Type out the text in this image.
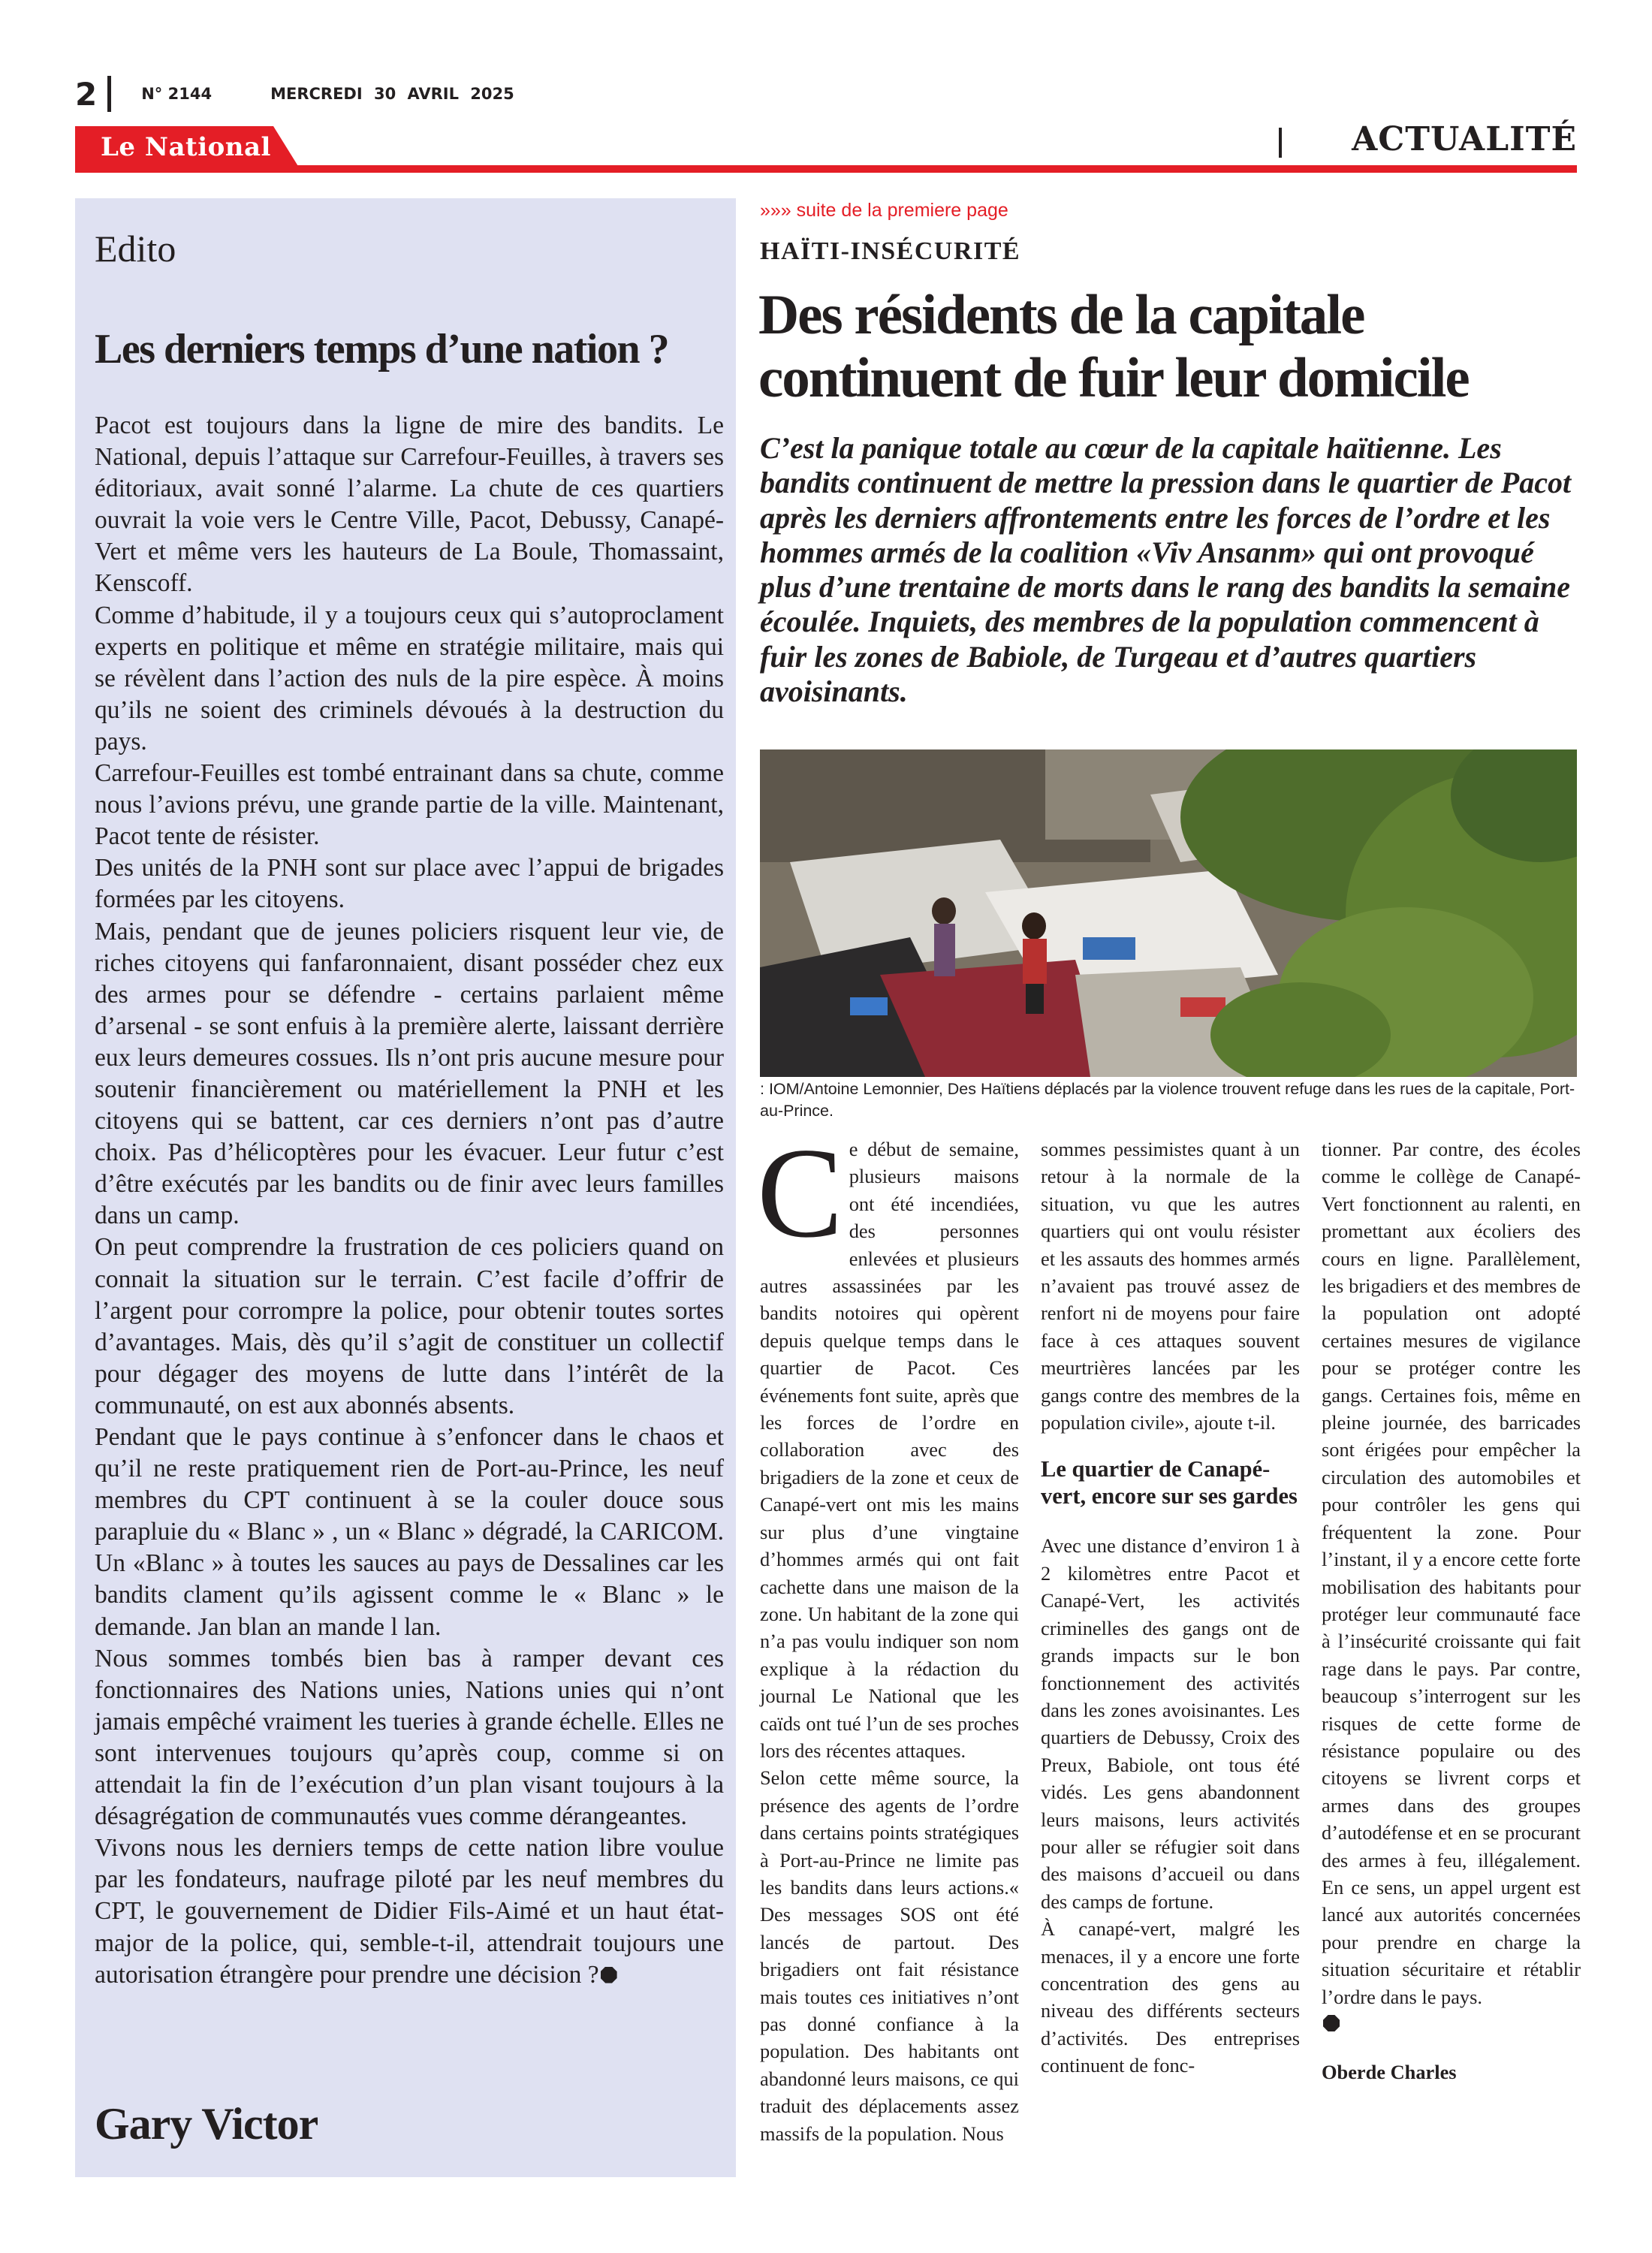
2	N° 2144	MERCREDI 30 AVRIL 2025
Le National	ACTUALITÉ
Edito
Les derniers temps d’une nation ?

Pacot est toujours dans la ligne de mire des bandits. Le National, depuis l’attaque sur Carrefour-Feuilles, à travers ses éditoriaux, avait sonné l’alarme. La chute de ces quartiers ouvrait la voie vers le Centre Ville, Pacot, Debussy, Canapé-Vert et même vers les hauteurs de La Boule, Thomassaint, Kenscoff.

Comme d’habitude, il y a toujours ceux qui s’autoproclament experts en politique et même en stratégie militaire, mais qui se révèlent dans l’action des nuls de la pire espèce. À moins qu’ils ne soient des criminels dévoués à la destruction du pays.

Carrefour-Feuilles est tombé entrainant dans sa chute, comme nous l’avions prévu, une grande partie de la ville. Maintenant, Pacot tente de résister.

Des unités de la PNH sont sur place avec l’appui de brigades formées par les citoyens.

Mais, pendant que de jeunes policiers risquent leur vie, de riches citoyens qui fanfaronnaient, disant posséder chez eux des armes pour se défendre - certains parlaient même d’arsenal - se sont enfuis à la première alerte, laissant derrière eux leurs demeures cossues. Ils n’ont pris aucune mesure pour soutenir financièrement ou matériellement la PNH et les citoyens qui se battent, car ces derniers n’ont pas d’autre choix. Pas d’hélicoptères pour les évacuer. Leur futur c’est d’être exécutés par les bandits ou de finir avec leurs familles dans un camp.

On peut comprendre la frustration de ces policiers quand on connait la situation sur le terrain. C’est facile d’offrir de l’argent pour corrompre la police, pour obtenir toutes sortes d’avantages. Mais, dès qu’il s’agit de constituer un collectif pour dégager des moyens de lutte dans l’intérêt de la communauté, on est aux abonnés absents.

Pendant que le pays continue à s’enfoncer dans le chaos et qu’il ne reste pratiquement rien de Port-au-Prince, les neuf membres du CPT continuent à se la couler douce sous parapluie du « Blanc » , un « Blanc » dégradé, la CARICOM. Un «Blanc » à toutes les sauces au pays de Dessalines car les bandits clament qu’ils agissent comme le « Blanc » le demande. Jan blan an mande l lan.

Nous sommes tombés bien bas à ramper devant ces fonctionnaires des Nations unies, Nations unies qui n’ont jamais empêché vraiment les tueries à grande échelle. Elles ne sont intervenues toujours qu’après coup, comme si on attendait la fin de l’exécution d’un plan visant toujours à la désagrégation de communautés vues comme dérangeantes.

Vivons nous les derniers temps de cette nation libre voulue par les fondateurs, naufrage piloté par les neuf membres du CPT, le gouvernement de Didier Fils-Aimé et un haut état-major de la police, qui, semble-t-il, attendrait toujours une autorisation étrangère pour prendre une décision ?

Gary Victor
»»» suite de la premiere page
HAÏTI-INSÉCURITÉ
Des résidents de la capitale continuent de fuir leur domicile
C’est la panique totale au cœur de la capitale haïtienne. Les bandits continuent de mettre la pression dans le quartier de Pacot après les derniers affrontements entre les forces de l’ordre et les hommes armés de la coalition «Viv Ansanm» qui ont provoqué plus d’une trentaine de morts dans le rang des bandits la semaine écoulée. Inquiets, des membres de la population commencent à fuir les zones de Babiole, de Turgeau et d’autres quartiers avoisinants.
: IOM/Antoine Lemonnier, Des Haïtiens déplacés par la violence trouvent refuge dans les rues de la capitale, Port-au-Prince.

Ce début de semaine, plusieurs maisons ont été incendiées, des personnes enlevées et plusieurs autres assassinées par les bandits notoires qui opèrent depuis quelque temps dans le quartier de Pacot. Ces événements font suite, après que les forces de l’ordre en collaboration avec des brigadiers de la zone et ceux de Canapé-vert ont mis les mains sur plus d’une vingtaine d’hommes armés qui ont fait cachette dans une maison de la zone. Un habitant de la zone qui n’a pas voulu indiquer son nom explique à la rédaction du journal Le National que les caïds ont tué l’un de ses proches lors des récentes attaques.

Selon cette même source, la présence des agents de l’ordre dans certains points stratégiques à Port-au-Prince ne limite pas les bandits dans leurs actions.« Des messages SOS ont été lancés de partout. Des brigadiers ont fait résistance mais toutes ces initiatives n’ont pas donné confiance à la population. Des habitants ont abandonné leurs maisons, ce qui traduit des déplacements assez massifs de la population. Nous

sommes pessimistes quant à un retour à la normale de la situation, vu que les autres quartiers qui ont voulu résister et les assauts des hommes armés n’avaient pas trouvé assez de renfort ni de moyens pour faire face à ces attaques souvent meurtrières lancées par les gangs contre des membres de la population civile», ajoute t-il.

Le quartier de Canapé-vert, encore sur ses gardes

Avec une distance d’environ 1 à 2 kilomètres entre Pacot et Canapé-Vert, les activités criminelles des gangs ont de grands impacts sur le bon fonctionnement des activités dans les zones avoisinantes. Les quartiers de Debussy, Croix des Preux, Babiole, ont tous été vidés. Les gens abandonnent leurs maisons, leurs activités pour aller se réfugier soit dans des maisons d’accueil ou dans des camps de fortune.

À canapé-vert, malgré les menaces, il y a encore une forte concentration des gens au niveau des différents secteurs d’activités. Des entreprises continuent de fonc-

tionner. Par contre, des écoles comme le collège de Canapé-Vert fonctionnent au ralenti, en promettant aux écoliers des cours en ligne. Parallèlement, les brigadiers et des membres de la population ont adopté certaines mesures de vigilance pour se protéger contre les gangs. Certaines fois, même en pleine journée, des barricades sont érigées pour empêcher la circulation des automobiles et pour contrôler les gens qui fréquentent la zone. Pour l’instant, il y a encore cette forte mobilisation des habitants pour protéger leur communauté face à l’insécurité croissante qui fait rage dans le pays. Par contre, beaucoup s’interrogent sur les risques de cette forme de résistance populaire ou des citoyens se livrent corps et armes dans des groupes d’autodéfense et en se procurant des armes à feu, illégalement. En ce sens, un appel urgent est lancé aux autorités concernées pour prendre en charge la situation sécuritaire et rétablir l’ordre dans le pays.

Oberde Charles
